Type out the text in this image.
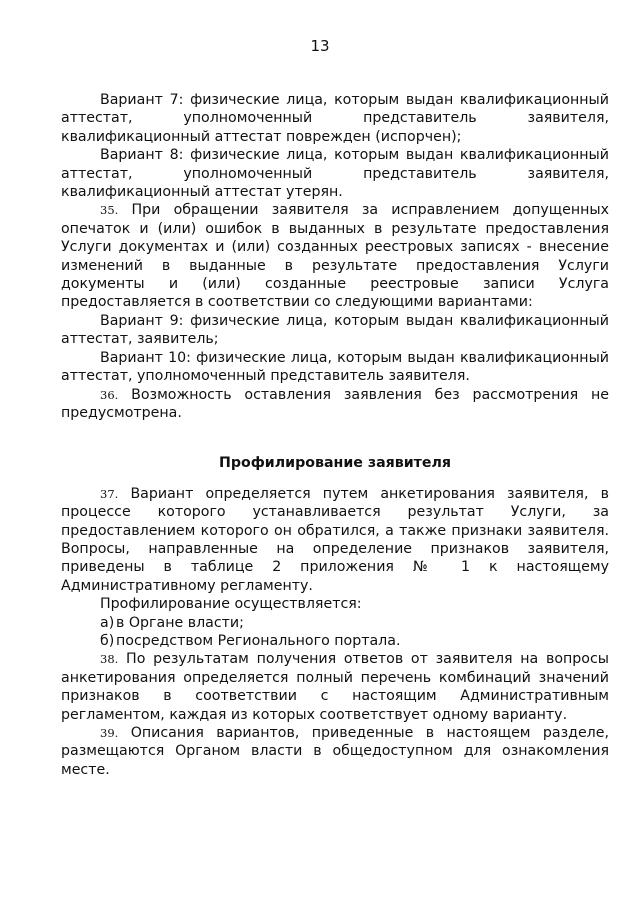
13

Вариант 7: физические лица, которым выдан квалификационный аттестат, уполномоченный представитель заявителя, квалификационный аттестат поврежден (испорчен);

Вариант 8: физические лица, которым выдан квалификационный аттестат, уполномоченный представитель заявителя, квалификационный аттестат утерян.

35. При обращении заявителя за исправлением допущенных опечаток и (или) ошибок в выданных в результате предоставления Услуги документах и (или) созданных реестровых записях - внесение изменений в выданные в результате предоставления Услуги документы и (или) созданные реестровые записи Услуга предоставляется в соответствии со следующими вариантами:

Вариант 9: физические лица, которым выдан квалификационный аттестат, заявитель;

Вариант 10: физические лица, которым выдан квалификационный аттестат, уполномоченный представитель заявителя.

36. Возможность оставления заявления без рассмотрения не предусмотрена.

Профилирование заявителя

37. Вариант определяется путем анкетирования заявителя, в процессе которого устанавливается результат Услуги, за предоставлением которого он обратился, а также признаки заявителя. Вопросы, направленные на определение признаков заявителя, приведены в таблице 2 приложения № 1 к настоящему Административному регламенту.

Профилирование осуществляется:

а) в Органе власти;
б) посредством Регионального портала.

38. По результатам получения ответов от заявителя на вопросы анкетирования определяется полный перечень комбинаций значений признаков в соответствии с настоящим Административным регламентом, каждая из которых соответствует одному варианту.

39. Описания вариантов, приведенные в настоящем разделе, размещаются Органом власти в общедоступном для ознакомления месте.
